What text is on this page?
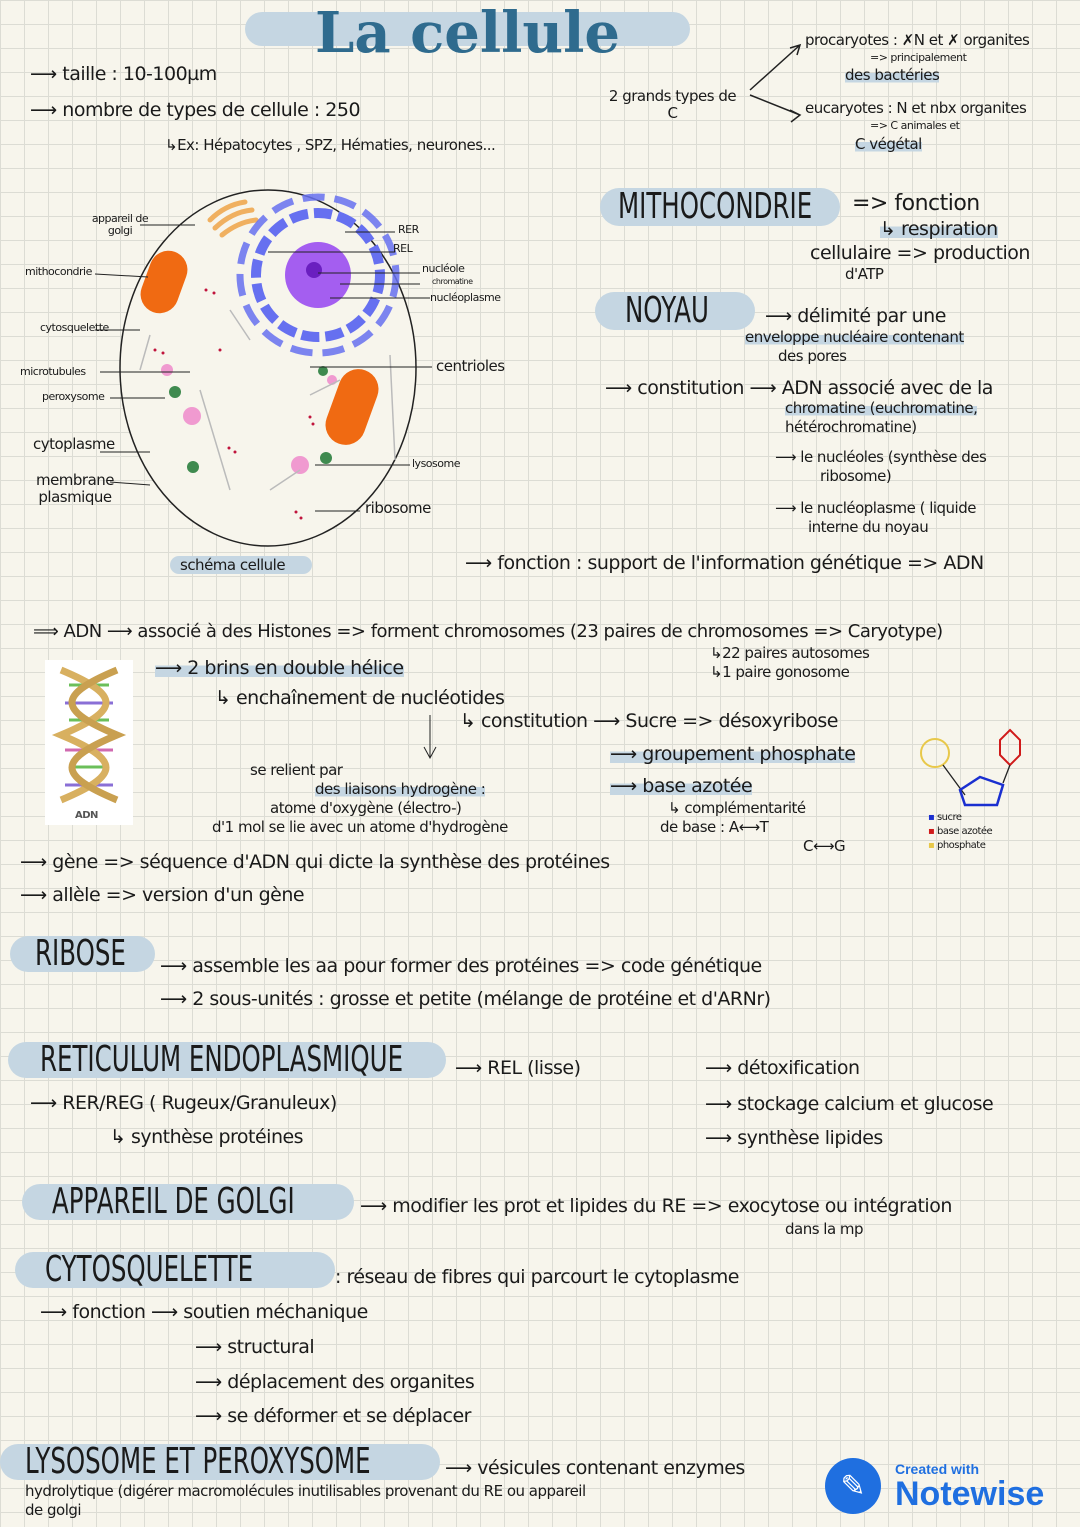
La cellule
⟶ taille : 10-100µm
⟶ nombre de types de cellule : 250
↳Ex: Hépatocytes , SPZ, Hématies, neurones...
2 grands types de C
procaryotes : ✗N et ✗ organites
=> principalement
des bactéries
eucaryotes : N et nbx organites
=> C animales et
C végétal
appareil de golgi
mithocondrie
cytosquelette
microtubules
peroxysome
cytoplasme
membrane plasmique
RER
REL
nucléole
chromatine
nucléoplasme
centrioles
lysosome
ribosome
schéma cellule
MITHOCONDRIE => fonction
↳ respiration
cellulaire => production
d'ATP
NOYAU	⟶ délimité par une
enveloppe nucléaire contenant
des pores
⟶ constitution ⟶ ADN associé avec de la
chromatine (euchromatine,
hétérochromatine)
⟶ le nucléoles (synthèse des
ribosome)
⟶ le nucléoplasme ( liquide
interne du noyau
⟶ fonction : support de l'information génétique => ADN
⟹ ADN ⟶ associé à des Histones => forment chromosomes (23 paires de chromosomes => Caryotype)
↳22 paires autosomes
↳1 paire gonosome
⟶ 2 brins en double hélice
↳ enchaînement de nucléotides
↳ constitution ⟶ Sucre => désoxyribose
⟶ groupement phosphate
⟶ base azotée
↳ complémentarité
de base : A⟷T
C⟷G
se relient par
des liaisons hydrogène :
atome d'oxygène (électro-)
d'1 mol se lie avec un atome d'hydrogène
⟶ gène => séquence d'ADN qui dicte la synthèse des protéines
⟶ allèle => version d'un gène
ADN	▪ sucre
▪ base azotée
▪ phosphate
RIBOSE ⟶ assemble les aa pour former des protéines => code génétique
⟶ 2 sous-unités : grosse et petite (mélange de protéine et d'ARNr)
RETICULUM ENDOPLASMIQUE	⟶ REL (lisse)	⟶ détoxification
⟶ stockage calcium et glucose
⟶ synthèse lipides
⟶ RER/REG ( Rugeux/Granuleux)
↳ synthèse protéines
APPAREIL DE GOLGI	⟶ modifier les prot et lipides du RE => exocytose ou intégration
dans la mp
CYTOSQUELETTE	: réseau de fibres qui parcourt le cytoplasme
⟶ fonction ⟶ soutien méchanique
⟶ structural
⟶ déplacement des organites
⟶ se déformer et se déplacer
LYSOSOME ET PEROXYSOME	⟶ vésicules contenant enzymes
hydrolytique (digérer macromolécules inutilisables provenant du RE ou appareil
de golgi
✎	Created with
Notewise
